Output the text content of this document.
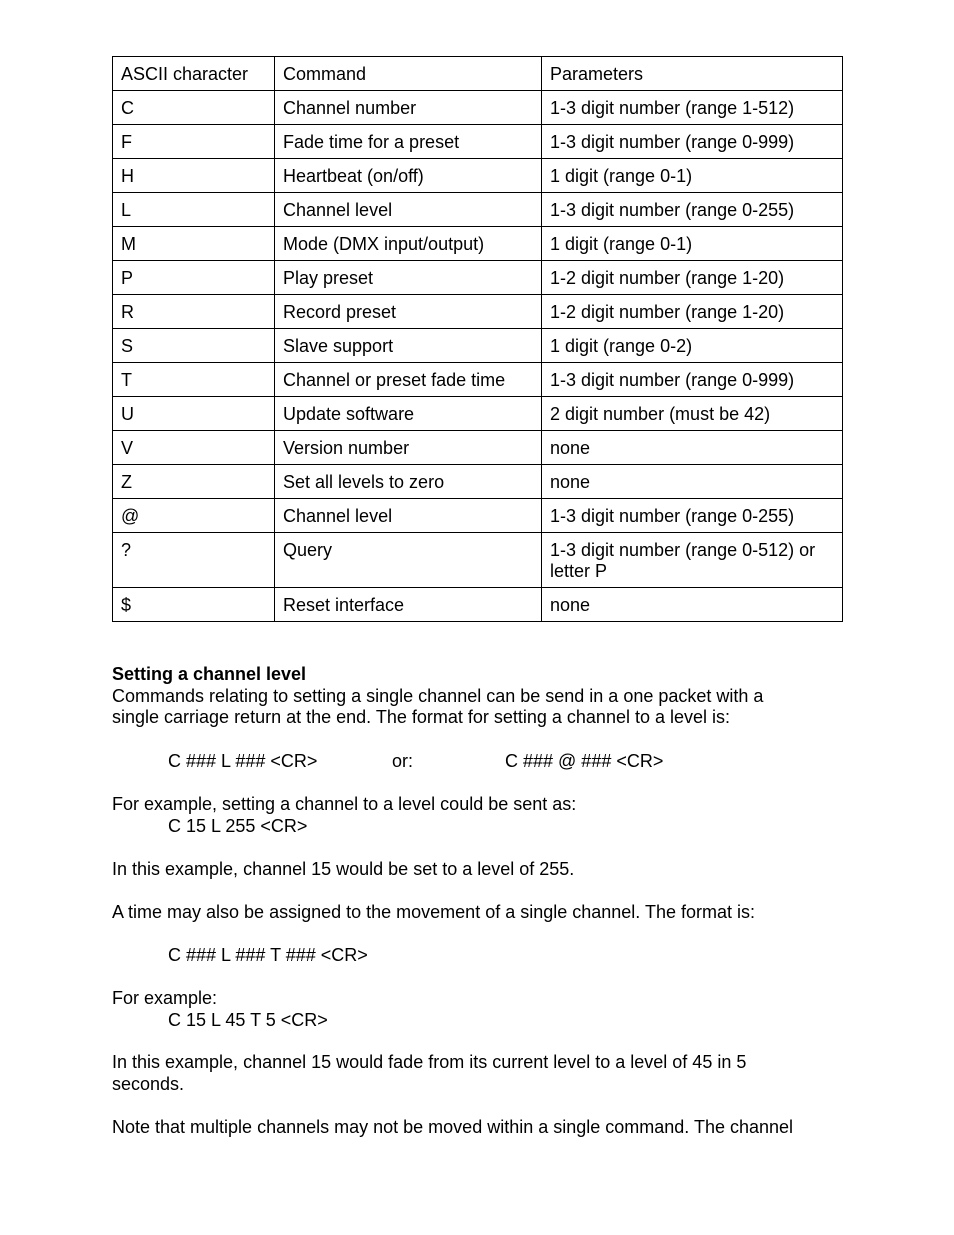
ASCII character	Command	Parameters
C	Channel number	1-3 digit number (range 1-512)
F	Fade time for a preset	1-3 digit number (range 0-999)
H	Heartbeat (on/off)	1 digit (range 0-1)
L	Channel level	1-3 digit number (range 0-255)
M	Mode (DMX input/output)	1 digit (range 0-1)
P	Play preset	1-2 digit number (range 1-20)
R	Record preset	1-2 digit number (range 1-20)
S	Slave support	1 digit (range 0-2)
T	Channel or preset fade time	1-3 digit number (range 0-999)
U	Update software	2 digit number (must be 42)
V	Version number	none
Z	Set all levels to zero	none
@	Channel level	1-3 digit number (range 0-255)
?	Query	1-3 digit number (range 0-512) or letter P
$	Reset interface	none
Setting a channel level
Commands relating to setting a single channel can be send in a one packet with a
single carriage return at the end. The format for setting a channel to a level is:
C ### L ### <CR>	or:	C ### @ ### <CR>
For example, setting a channel to a level could be sent as:
C 15 L 255 <CR>
In this example, channel 15 would be set to a level of 255.
A time may also be assigned to the movement of a single channel. The format is:
C ### L ### T ### <CR>
For example:
C 15 L 45 T 5 <CR>
In this example, channel 15 would fade from its current level to a level of 45 in 5
seconds.
Note that multiple channels may not be moved within a single command. The channel
